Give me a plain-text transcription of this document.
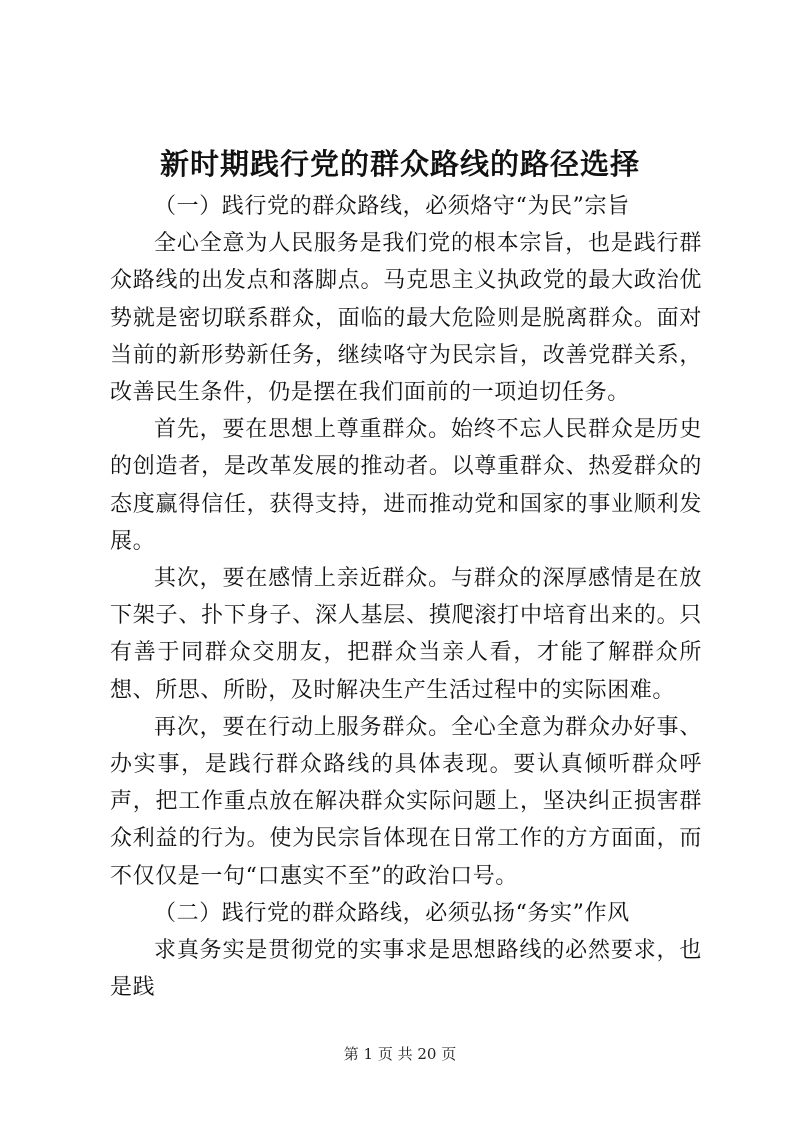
新时期践行党的群众路线的路径选择

（一）践行党的群众路线，必须烙守“为民”宗旨

全心全意为人民服务是我们党的根本宗旨，也是践行群众路线的出发点和落脚点。马克思主义执政党的最大政治优势就是密切联系群众，面临的最大危险则是脱离群众。面对当前的新形势新任务，继续咯守为民宗旨，改善党群关系，改善民生条件，仍是摆在我们面前的一项迫切任务。

首先，要在思想上尊重群众。始终不忘人民群众是历史的创造者，是改革发展的推动者。以尊重群众、热爱群众的态度赢得信任，获得支持，进而推动党和国家的事业顺利发展。

其次，要在感情上亲近群众。与群众的深厚感情是在放下架子、扑下身子、深人基层、摸爬滚打中培育出来的。只有善于同群众交朋友，把群众当亲人看，才能了解群众所想、所思、所盼，及时解决生产生活过程中的实际困难。

再次，要在行动上服务群众。全心全意为群众办好事、办实事，是践行群众路线的具体表现。要认真倾听群众呼声，把工作重点放在解决群众实际问题上，坚决纠正损害群众利益的行为。使为民宗旨体现在日常工作的方方面面，而不仅仅是一句“口惠实不至”的政治口号。

（二）践行党的群众路线，必须弘扬“务实”作风

求真务实是贯彻党的实事求是思想路线的必然要求，也是践

第 1 页 共 20 页
